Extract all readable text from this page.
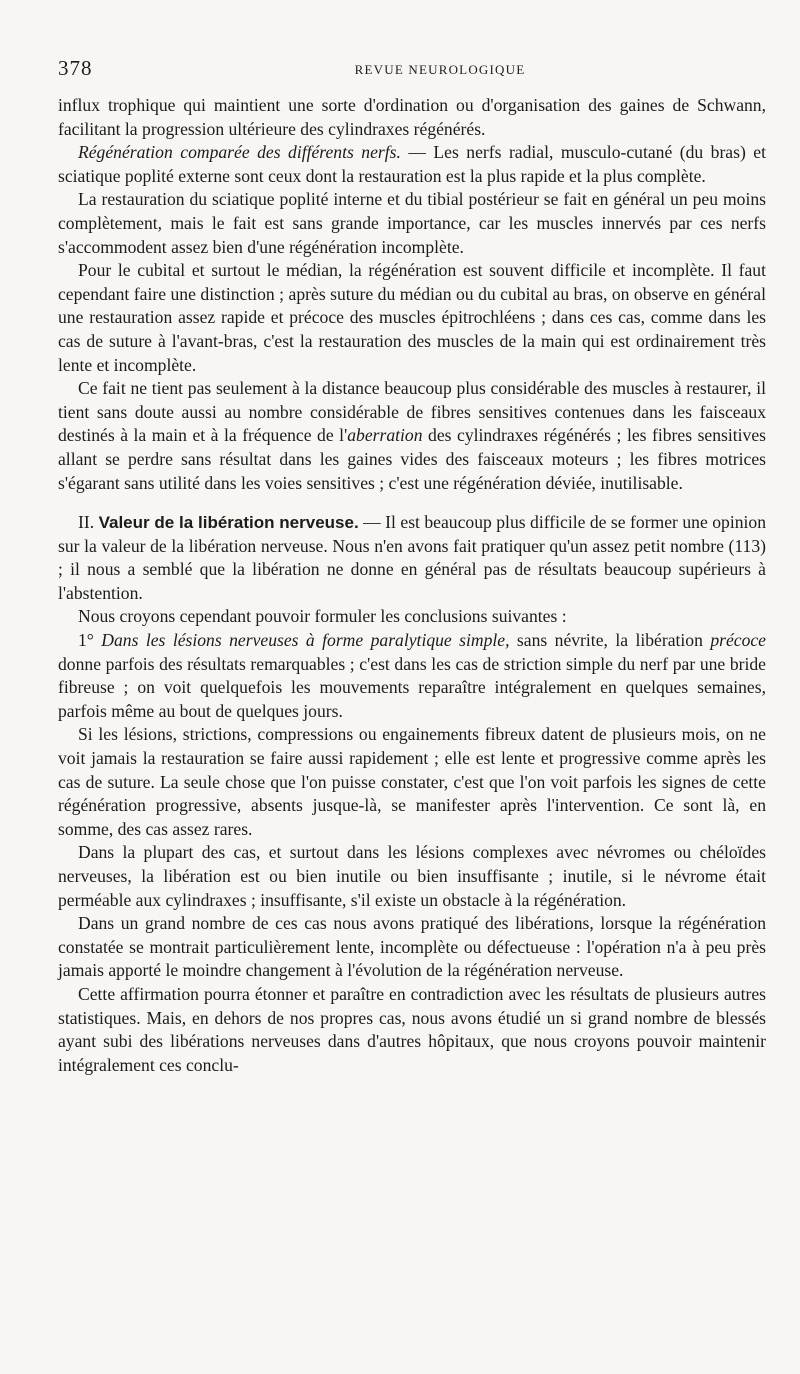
378	REVUE NEUROLOGIQUE

influx trophique qui maintient une sorte d'ordination ou d'organisation des gaines de Schwann, facilitant la progression ultérieure des cylindraxes régénérés.

Régénération comparée des différents nerfs. — Les nerfs radial, musculo-cutané (du bras) et sciatique poplité externe sont ceux dont la restauration est la plus rapide et la plus complète.

La restauration du sciatique poplité interne et du tibial postérieur se fait en général un peu moins complètement, mais le fait est sans grande importance, car les muscles innervés par ces nerfs s'accommodent assez bien d'une régénération incomplète.

Pour le cubital et surtout le médian, la régénération est souvent difficile et incomplète. Il faut cependant faire une distinction ; après suture du médian ou du cubital au bras, on observe en général une restauration assez rapide et précoce des muscles épitrochléens ; dans ces cas, comme dans les cas de suture à l'avant-bras, c'est la restauration des muscles de la main qui est ordinairement très lente et incomplète.

Ce fait ne tient pas seulement à la distance beaucoup plus considérable des muscles à restaurer, il tient sans doute aussi au nombre considérable de fibres sensitives contenues dans les faisceaux destinés à la main et à la fréquence de l'aberration des cylindraxes régénérés ; les fibres sensitives allant se perdre sans résultat dans les gaines vides des faisceaux moteurs ; les fibres motrices s'égarant sans utilité dans les voies sensitives ; c'est une régénération déviée, inutilisable.

II. Valeur de la libération nerveuse. — Il est beaucoup plus difficile de se former une opinion sur la valeur de la libération nerveuse. Nous n'en avons fait pratiquer qu'un assez petit nombre (113) ; il nous a semblé que la libération ne donne en général pas de résultats beaucoup supérieurs à l'abstention.

Nous croyons cependant pouvoir formuler les conclusions suivantes :

1° Dans les lésions nerveuses à forme paralytique simple, sans névrite, la libération précoce donne parfois des résultats remarquables ; c'est dans les cas de striction simple du nerf par une bride fibreuse ; on voit quelquefois les mouvements reparaître intégralement en quelques semaines, parfois même au bout de quelques jours.

Si les lésions, strictions, compressions ou engainements fibreux datent de plusieurs mois, on ne voit jamais la restauration se faire aussi rapidement ; elle est lente et progressive comme après les cas de suture. La seule chose que l'on puisse constater, c'est que l'on voit parfois les signes de cette régénération progressive, absents jusque-là, se manifester après l'intervention. Ce sont là, en somme, des cas assez rares.

Dans la plupart des cas, et surtout dans les lésions complexes avec névromes ou chéloïdes nerveuses, la libération est ou bien inutile ou bien insuffisante ; inutile, si le névrome était perméable aux cylindraxes ; insuffisante, s'il existe un obstacle à la régénération.

Dans un grand nombre de ces cas nous avons pratiqué des libérations, lorsque la régénération constatée se montrait particulièrement lente, incomplète ou défectueuse : l'opération n'a à peu près jamais apporté le moindre changement à l'évolution de la régénération nerveuse.

Cette affirmation pourra étonner et paraître en contradiction avec les résultats de plusieurs autres statistiques. Mais, en dehors de nos propres cas, nous avons étudié un si grand nombre de blessés ayant subi des libérations nerveuses dans d'autres hôpitaux, que nous croyons pouvoir maintenir intégralement ces conclu-
